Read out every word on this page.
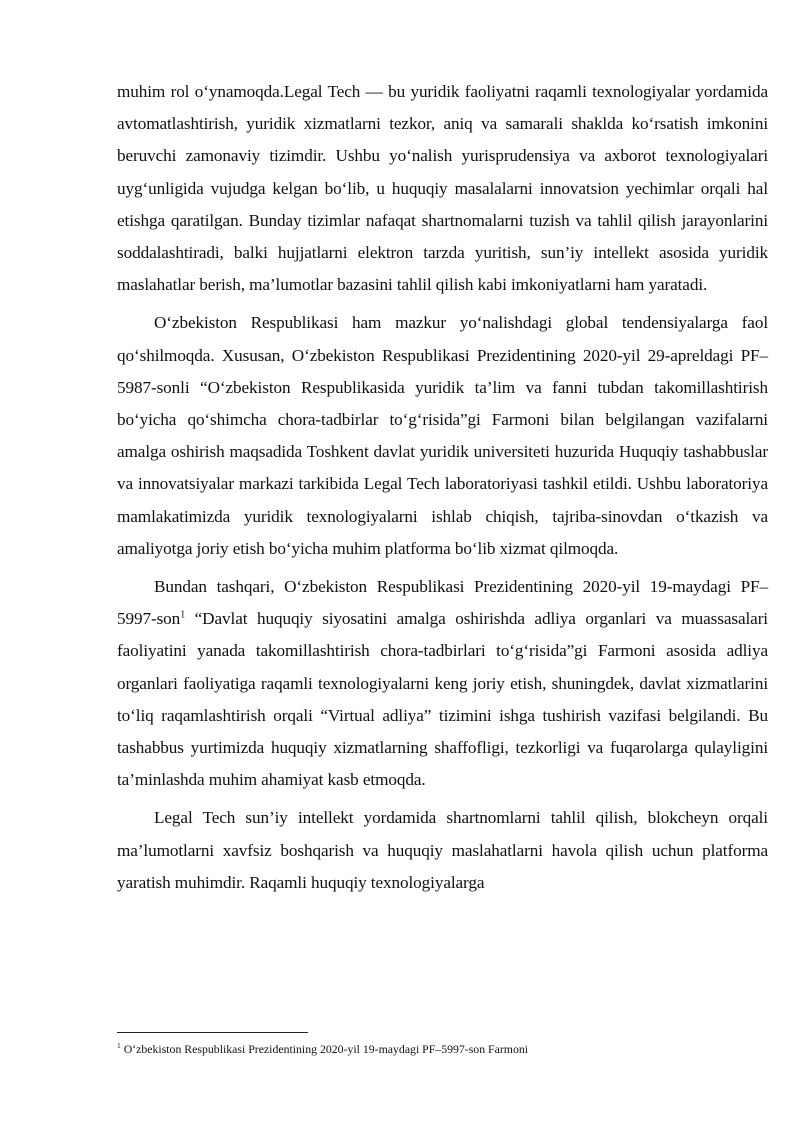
muhim rol o‘ynamoqda.Legal Tech — bu yuridik faoliyatni raqamli texnologiyalar yordamida avtomatlashtirish, yuridik xizmatlarni tezkor, aniq va samarali shaklda ko‘rsatish imkonini beruvchi zamonaviy tizimdir. Ushbu yo‘nalish yurisprudensiya va axborot texnologiyalari uyg‘unligida vujudga kelgan bo‘lib, u huquqiy masalalarni innovatsion yechimlar orqali hal etishga qaratilgan. Bunday tizimlar nafaqat shartnomalarni tuzish va tahlil qilish jarayonlarini soddalashtiradi, balki hujjatlarni elektron tarzda yuritish, sun’iy intellekt asosida yuridik maslahatlar berish, ma’lumotlar bazasini tahlil qilish kabi imkoniyatlarni ham yaratadi.

O‘zbekiston Respublikasi ham mazkur yo‘nalishdagi global tendensiyalarga faol qo‘shilmoqda. Xususan, O‘zbekiston Respublikasi Prezidentining 2020-yil 29-apreldagi PF–5987-sonli “O‘zbekiston Respublikasida yuridik ta’lim va fanni tubdan takomillashtirish bo‘yicha qo‘shimcha chora-tadbirlar to‘g‘risida”gi Farmoni bilan belgilangan vazifalarni amalga oshirish maqsadida Toshkent davlat yuridik universiteti huzurida Huquqiy tashabbuslar va innovatsiyalar markazi tarkibida Legal Tech laboratoriyasi tashkil etildi. Ushbu laboratoriya mamlakatimizda yuridik texnologiyalarni ishlab chiqish, tajriba-sinovdan o‘tkazish va amaliyotga joriy etish bo‘yicha muhim platforma bo‘lib xizmat qilmoqda.

Bundan tashqari, O‘zbekiston Respublikasi Prezidentining 2020-yil 19-maydagi PF–5997-son$^1$ “Davlat huquqiy siyosatini amalga oshirishda adliya organlari va muassasalari faoliyatini yanada takomillashtirish chora-tadbirlari to‘g‘risida”gi Farmoni asosida adliya organlari faoliyatiga raqamli texnologiyalarni keng joriy etish, shuningdek, davlat xizmatlarini to‘liq raqamlashtirish orqali “Virtual adliya” tizimini ishga tushirish vazifasi belgilandi. Bu tashabbus yurtimizda huquqiy xizmatlarning shaffofligi, tezkorligi va fuqarolarga qulayligini ta’minlashda muhim ahamiyat kasb etmoqda.

Legal Tech sun’iy intellekt yordamida shartnomlarni tahlil qilish, blokcheyn orqali ma’lumotlarni xavfsiz boshqarish va huquqiy maslahatlarni havola qilish uchun platforma yaratish muhimdir. Raqamli huquqiy texnologiyalarga

$^1$ O‘zbekiston Respublikasi Prezidentining 2020-yil 19-maydagi PF–5997-son Farmoni
